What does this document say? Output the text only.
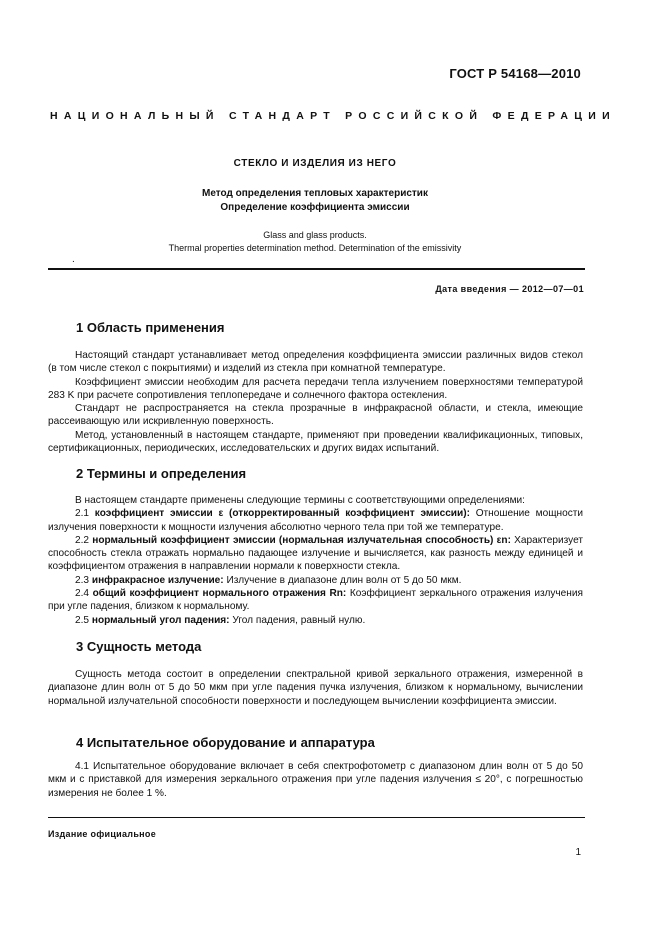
ГОСТ Р 54168—2010
НАЦИОНАЛЬНЫЙ СТАНДАРТ РОССИЙСКОЙ ФЕДЕРАЦИИ
СТЕКЛО И ИЗДЕЛИЯ ИЗ НЕГО
Метод определения тепловых характеристик
Определение коэффициента эмиссии
Glass and glass products.
Thermal properties determination method. Determination of the emissivity
.
Дата введения — 2012—07—01
1 Область применения
Настоящий стандарт устанавливает метод определения коэффициента эмиссии различных видов стекол (в том числе стекол с покрытиями) и изделий из стекла при комнатной температуре.
Коэффициент эмиссии необходим для расчета передачи тепла излучением поверхностями температурой 283 K при расчете сопротивления теплопередаче и солнечного фактора остекления.
Стандарт не распространяется на стекла прозрачные в инфракрасной области, и стекла, имеющие рассеивающую или искривленную поверхность.
Метод, установленный в настоящем стандарте, применяют при проведении квалификационных, типовых, сертификационных, периодических, исследовательских и других видах испытаний.
2 Термины и определения
В настоящем стандарте применены следующие термины с соответствующими определениями:
2.1 коэффициент эмиссии ε (откорректированный коэффициент эмиссии): Отношение мощности излучения поверхности к мощности излучения абсолютно черного тела при той же температуре.
2.2 нормальный коэффициент эмиссии (нормальная излучательная способность) εn: Характеризует способность стекла отражать нормально падающее излучение и вычисляется, как разность между единицей и коэффициентом отражения в направлении нормали к поверхности стекла.
2.3 инфракрасное излучение: Излучение в диапазоне длин волн от 5 до 50 мкм.
2.4 общий коэффициент нормального отражения Rn: Коэффициент зеркального отражения излучения при угле падения, близком к нормальному.
2.5 нормальный угол падения: Угол падения, равный нулю.
3 Сущность метода
Сущность метода состоит в определении спектральной кривой зеркального отражения, измеренной в диапазоне длин волн от 5 до 50 мкм при угле падения пучка излучения, близком к нормальному, вычислении нормальной излучательной способности поверхности и последующем вычислении коэффициента эмиссии.
4 Испытательное оборудование и аппаратура
4.1 Испытательное оборудование включает в себя спектрофотометр с диапазоном длин волн от 5 до 50 мкм и с приставкой для измерения зеркального отражения при угле падения излучения ≤ 20°, с погрешностью измерения не более 1 %.
Издание официальное
1
